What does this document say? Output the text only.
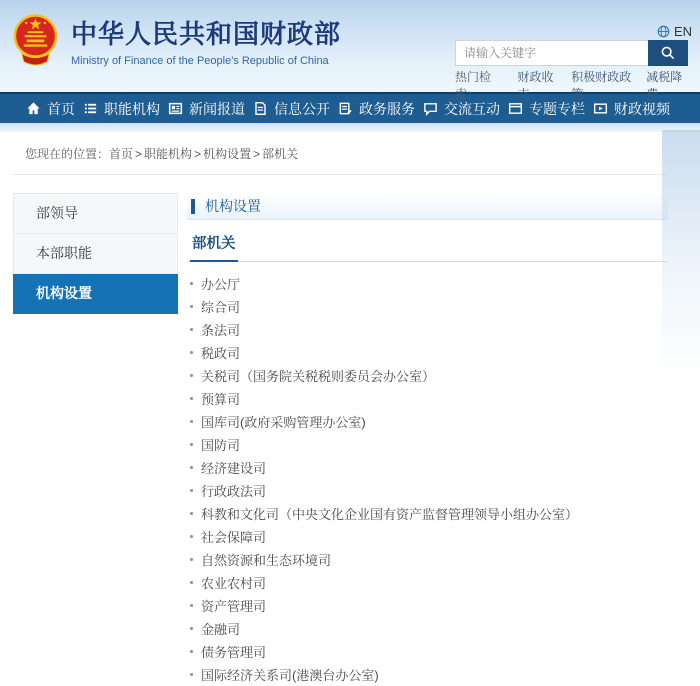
中华人民共和国财政部
Ministry of Finance of the People's Republic of China
EN
请输入关键字
热门检索：
财政收支
积极财政政策
减税降费
首页 职能机构 新闻报道 信息公开 政务服务 交流互动 专题专栏 财政视频
您现在的位置：首页 > 职能机构 > 机构设置 > 部机关
部领导
本部职能
机构设置
机构设置
部机关
办公厅
综合司
条法司
税政司
关税司（国务院关税税则委员会办公室）
预算司
国库司(政府采购管理办公室)
国防司
经济建设司
行政政法司
科教和文化司（中央文化企业国有资产监督管理领导小组办公室）
社会保障司
自然资源和生态环境司
农业农村司
资产管理司
金融司
债务管理司
国际经济关系司(港澳台办公室)
